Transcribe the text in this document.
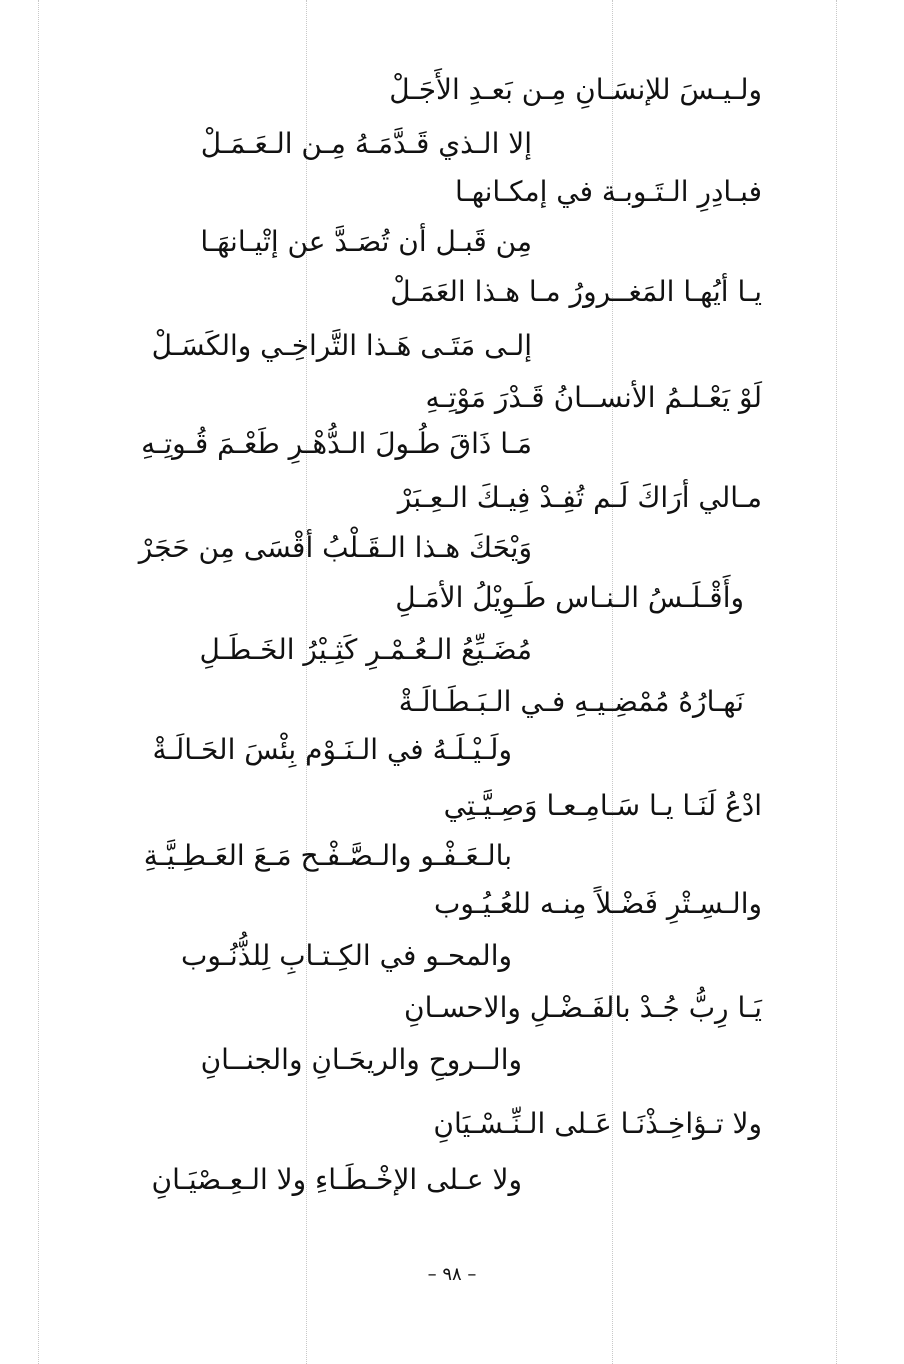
ولـيـسَ للإنسَـانِ مِـن بَعـدِ الأَجَـلْ
إلا الـذي قَـدَّمَـهُ مِـن الـعَـمَـلْ
فبـادِرِ الـتَـوبـة في إمكـانهـا
مِن قَبـل أن تُصَـدَّ عن إتْيـانهَـا
يـا أيُهـا المَغــرورُ مـا هـذا العَمَـلْ
إلـى مَتَـى هَـذا التَّراخِـي والكَسَـلْ
لَوْ يَعْـلـمُ الأنســانُ قَـدْرَ مَوْتِـهِ
مَـا ذَاقَ طُـولَ الـدُّهْـرِ طَعْـمَ قُـوتِـهِ
مـالي أرَاكَ لَـم تُفِـدْ فِيـكَ الـعِـبَرْ
وَيْحَكَ هـذا الـقَـلْبُ أقْسَى مِن حَجَرْ
وأَقْـلَـسُ الـنـاس طَـوِيْلُ الأمَـلِ
مُضَـيِّعُ الـعُـمْـرِ كَثِـيْرُ الخَـطَـلِ
نَهـارُهُ مُمْضِـيـهِ فـي الـبَـطَـالَـةْ
ولَـيْـلَـهُ في الـنَـوْم بِئْسَ الحَـالَـةْ
ادْعُ لَنَـا يـا سَـامِـعـا وَصِـيَّـتِي
بالـعَـفْـو والـصَّـفْـح مَـعَ العَـطِـيَّـةِ
والـسِـتْرِ فَضْـلاً مِنـه للعُـيُـوب
والمحـو في الكِـتـابِ لِلذُّنُـوب
يَـا رِبُّ جُـدْ بالفَـضْـلِ والاحسـانِ
والــروحِ والريحَـانِ والجنــانِ
ولا تـؤاخِـذْنَـا عَـلى الـنِّـسْـيَانِ
ولا عـلى الإخْـطَـاءِ ولا الـعِـصْيَـانِ
– ٩٨ –
